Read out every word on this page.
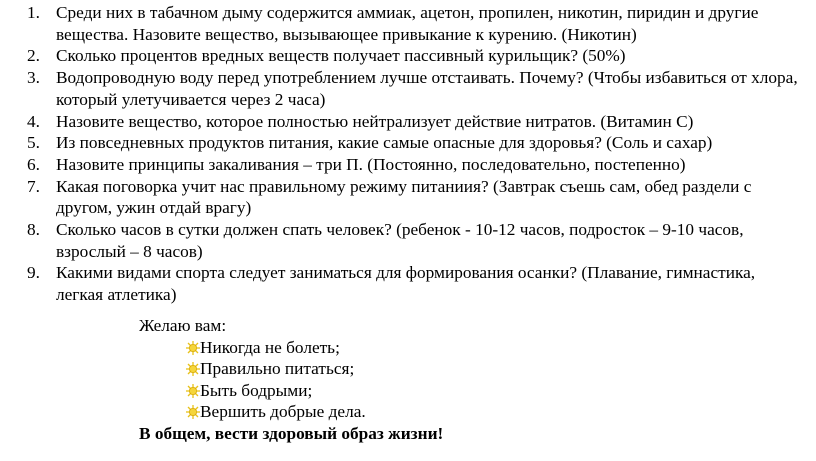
1. Среди них в табачном дыму содержится аммиак, ацетон, пропилен, никотин, пиридин и другие вещества. Назовите вещество, вызывающее привыкание к курению. (Никотин)
2. Сколько процентов вредных веществ получает пассивный курильщик? (50%)
3. Водопроводную воду перед употреблением лучше отстаивать. Почему? (Чтобы избавиться от хлора, который улетучивается через 2 часа)
4. Назовите вещество, которое полностью нейтрализует действие нитратов. (Витамин С)
5. Из повседневных продуктов питания, какие самые опасные для здоровья? (Соль и сахар)
6. Назовите принципы закаливания – три П. (Постоянно, последовательно, постепенно)
7. Какая поговорка учит нас правильному режиму питаниия? (Завтрак съешь сам, обед раздели с другом, ужин отдай врагу)
8. Сколько часов в сутки должен спать человек? (ребенок - 10-12 часов, подросток – 9-10 часов, взрослый – 8 часов)
9. Какими видами спорта следует заниматься для формирования осанки? (Плавание, гимнастика, легкая атлетика)
Желаю вам:
Никогда не болеть;
Правильно питаться;
Быть бодрыми;
Вершить добрые дела.
В общем, вести здоровый образ жизни!
